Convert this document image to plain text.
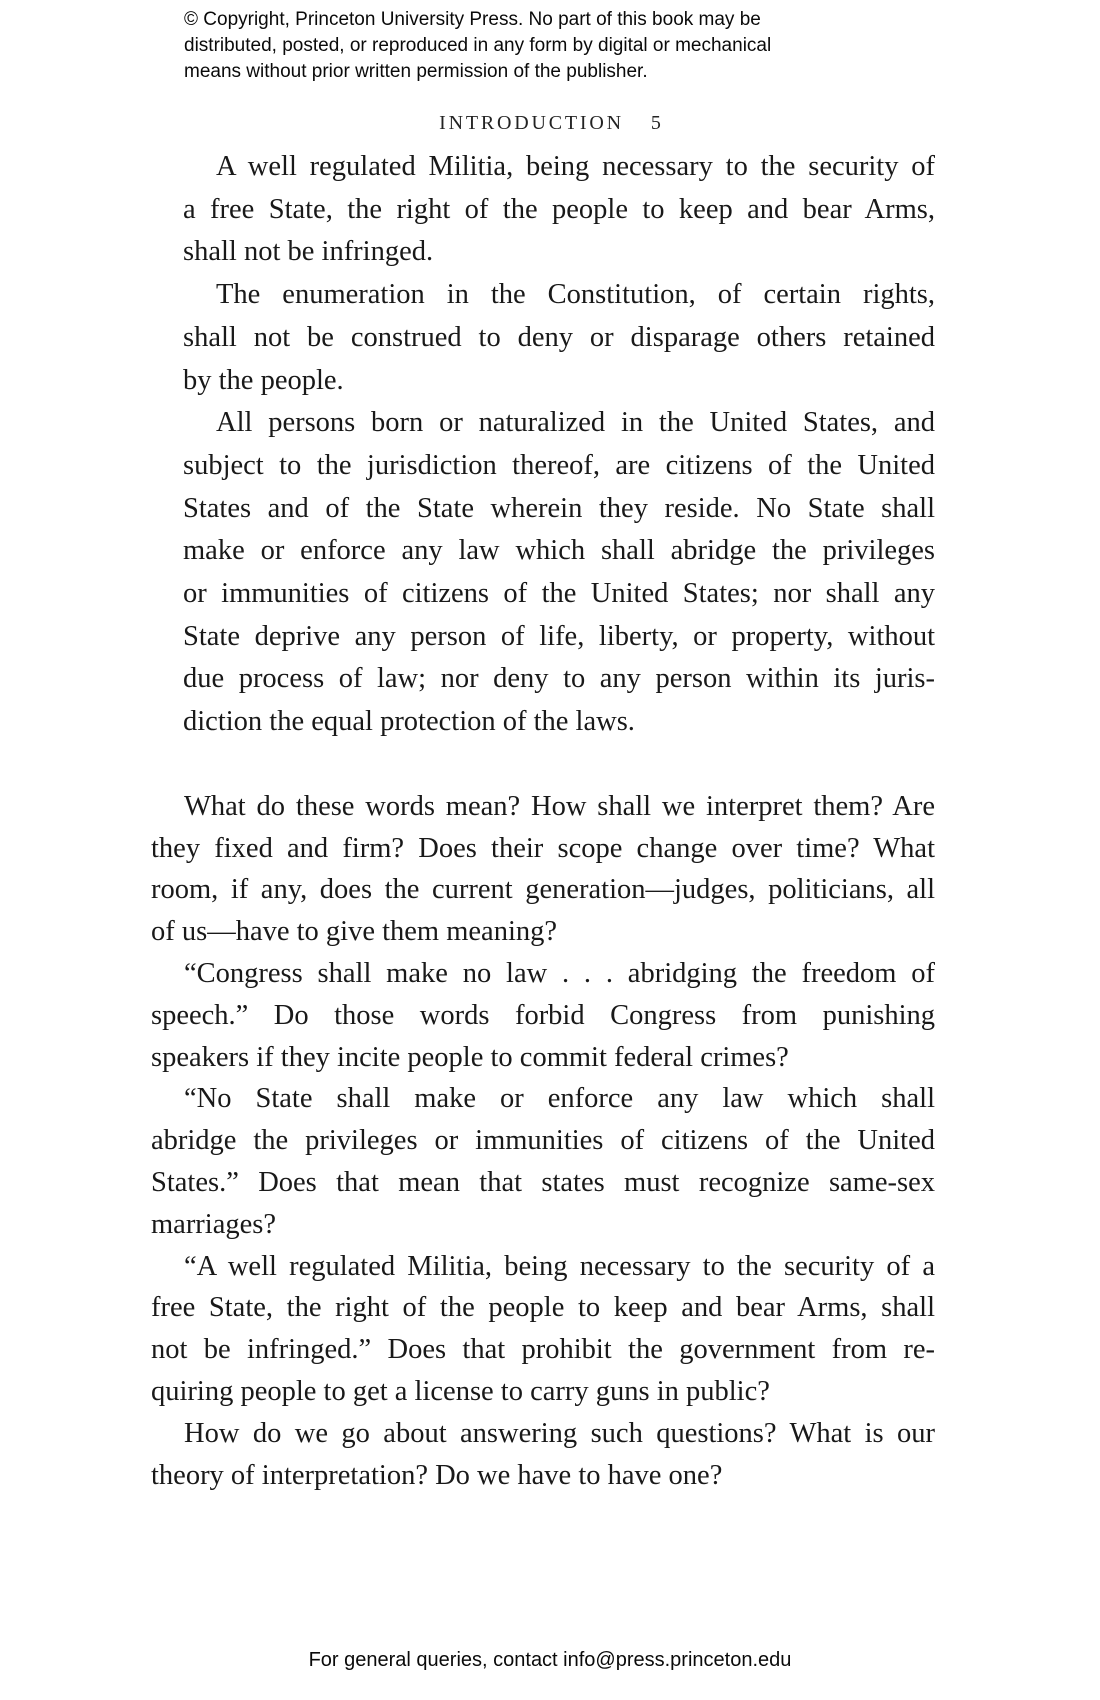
© Copyright, Princeton University Press. No part of this book may be
distributed, posted, or reproduced in any form by digital or mechanical
means without prior written permission of the publisher.
INTRODUCTION 5
A well regulated Militia, being necessary to the security of
a free State, the right of the people to keep and bear Arms,
shall not be infringed.
The enumeration in the Constitution, of certain rights,
shall not be construed to deny or disparage others retained
by the people.
All persons born or naturalized in the United States, and
subject to the jurisdiction thereof, are citizens of the United
States and of the State wherein they reside. No State shall
make or enforce any law which shall abridge the privileges
or immunities of citizens of the United States; nor shall any
State deprive any person of life, liberty, or property, without
due process of law; nor deny to any person within its juris-
diction the equal protection of the laws.
What do these words mean? How shall we interpret them? Are
they fixed and firm? Does their scope change over time? What
room, if any, does the current generation—judges, politicians, all
of us—have to give them meaning?
“Congress shall make no law . . . abridging the freedom of
speech.” Do those words forbid Congress from punishing
speakers if they incite people to commit federal crimes?
“No State shall make or enforce any law which shall
abridge the privileges or immunities of citizens of the United
States.” Does that mean that states must recognize same-sex
marriages?
“A well regulated Militia, being necessary to the security of a
free State, the right of the people to keep and bear Arms, shall
not be infringed.” Does that prohibit the government from re-
quiring people to get a license to carry guns in public?
How do we go about answering such questions? What is our
theory of interpretation? Do we have to have one?
For general queries, contact info@press.princeton.edu
